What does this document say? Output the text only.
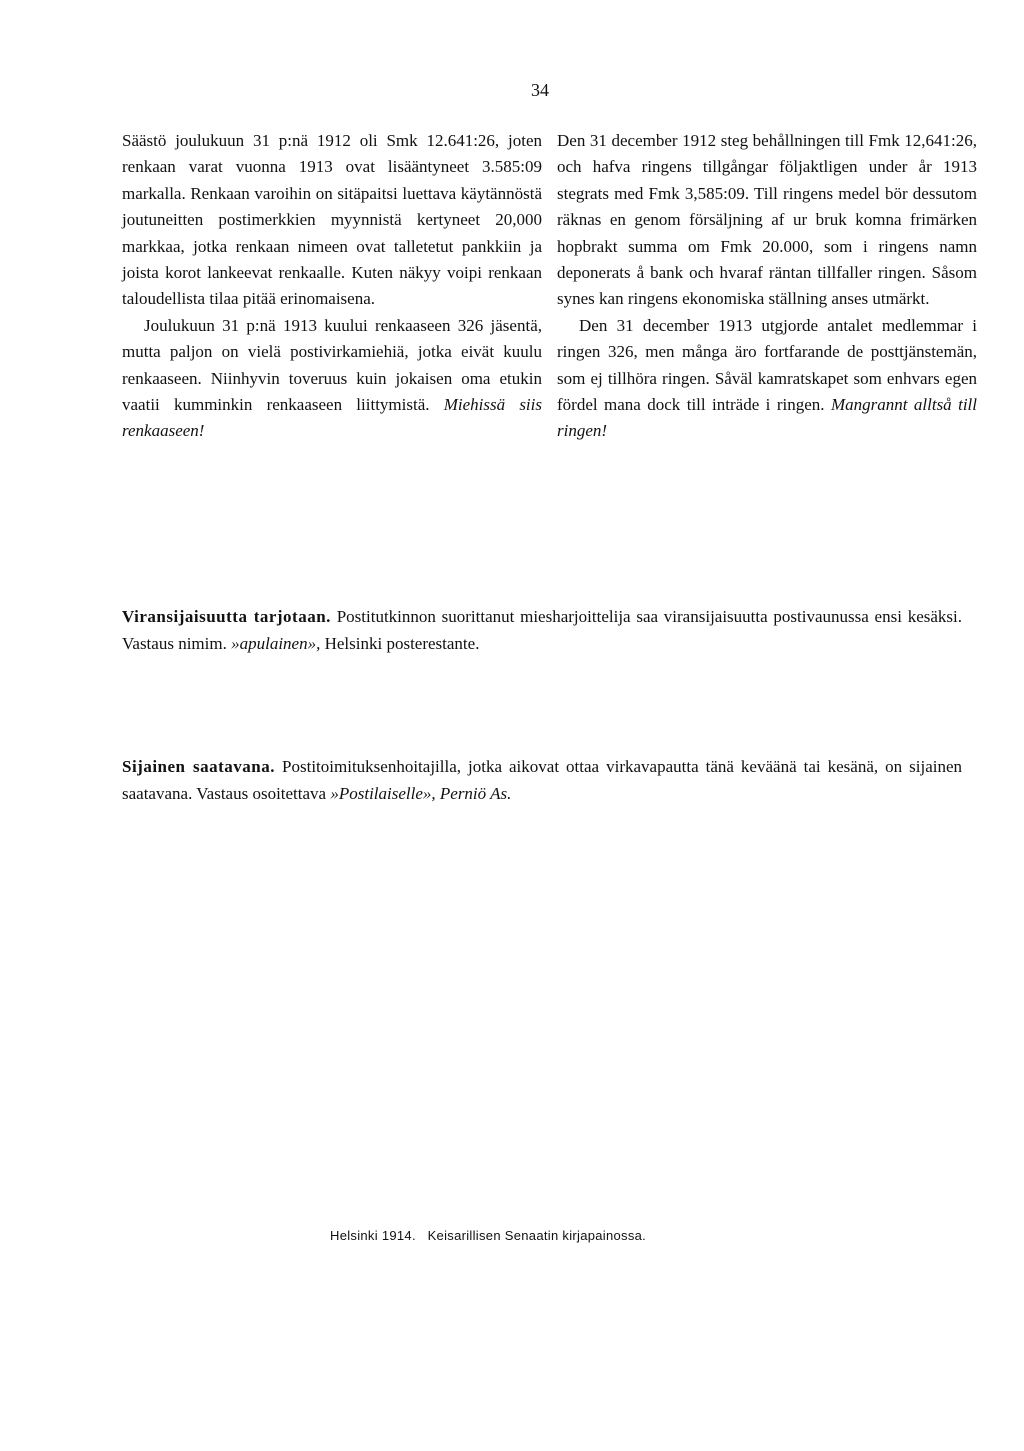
34

Säästö joulukuun 31 p:nä 1912 oli Smk 12.641:26, joten renkaan varat vuonna 1913 ovat lisääntyneet 3.585:09 markalla. Renkaan varoihin on sitäpaitsi luettava käytännöstä joutuneitten postimerkkien myynnistä kertyneet 20,000 markkaa, jotka renkaan nimeen ovat talletetut pankkiin ja joista korot lankeevat renkaalle. Kuten näkyy voipi renkaan taloudellista tilaa pitää erinomaisena.

Joulukuun 31 p:nä 1913 kuului renkaaseen 326 jäsentä, mutta paljon on vielä postivirkamiehiä, jotka eivät kuulu renkaaseen. Niinhyvin toveruus kuin jokaisen oma etukin vaatii kumminkin renkaaseen liittymistä. Miehissä siis renkaaseen!

Den 31 december 1912 steg behållningen till Fmk 12,641:26, och hafva ringens tillgångar följaktligen under år 1913 stegrats med Fmk 3,585:09. Till ringens medel bör dessutom räknas en genom försäljning af ur bruk komna frimärken hopbrakt summa om Fmk 20.000, som i ringens namn deponerats å bank och hvaraf räntan tillfaller ringen. Såsom synes kan ringens ekonomiska ställning anses utmärkt.

Den 31 december 1913 utgjorde antalet medlemmar i ringen 326, men många äro fortfarande de posttjänstemän, som ej tillhöra ringen. Såväl kamratskapet som enhvars egen fördel mana dock till inträde i ringen. Mangrannt alltså till ringen!

Viransijaisuutta tarjotaan. Postitutkinnon suorittanut miesharjoittelija saa viransijaisuutta postivaunussa ensi kesäksi. Vastaus nimim. »apulainen», Helsinki posterestante.

Sijainen saatavana. Postitoimituksenhoitajilla, jotka aikovat ottaa virkavapautta tänä keväänä tai kesänä, on sijainen saatavana. Vastaus osoitettava »Postilaiselle», Perniö As.

Helsinki 1914.   Keisarillisen Senaatin kirjapainossa.
